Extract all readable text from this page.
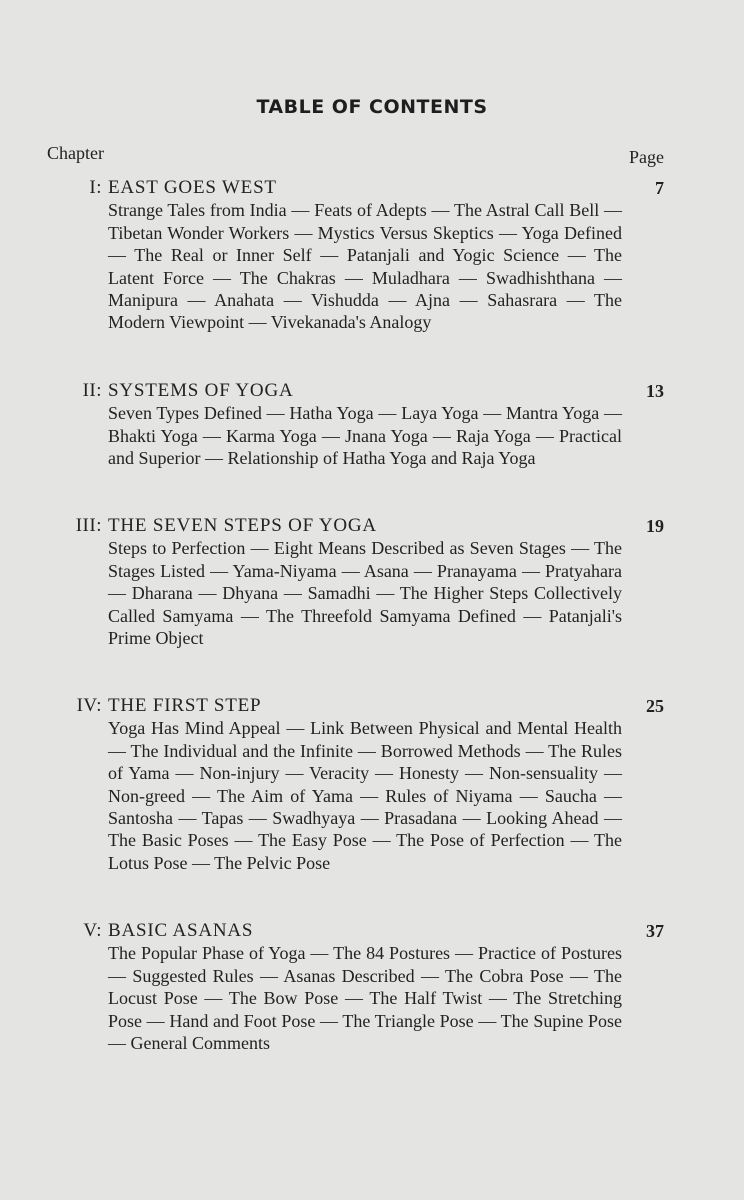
TABLE OF CONTENTS
Chapter	Page
I: EAST GOES WEST	7
Strange Tales from India — Feats of Adepts — The Astral Call Bell — Tibetan Wonder Workers — Mystics Versus Skeptics — Yoga Defined — The Real or Inner Self — Patanjali and Yogic Science — The Latent Force — The Chakras — Muladhara — Swadhishthana — Manipura — Anahata — Vishudda — Ajna — Sahasrara — The Modern Viewpoint — Vivekanada's Analogy
II: SYSTEMS OF YOGA	13
Seven Types Defined — Hatha Yoga — Laya Yoga — Mantra Yoga — Bhakti Yoga — Karma Yoga — Jnana Yoga — Raja Yoga — Practical and Superior — Relationship of Hatha Yoga and Raja Yoga
III: THE SEVEN STEPS OF YOGA	19
Steps to Perfection — Eight Means Described as Seven Stages — The Stages Listed — Yama-Niyama — Asana — Pranayama — Pratyahara — Dharana — Dhyana — Samadhi — The Higher Steps Collectively Called Samyama — The Threefold Samyama Defined — Patanjali's Prime Object
IV: THE FIRST STEP	25
Yoga Has Mind Appeal — Link Between Physical and Mental Health — The Individual and the Infinite — Borrowed Methods — The Rules of Yama — Non-injury — Veracity — Honesty — Non-sensuality — Non-greed — The Aim of Yama — Rules of Niyama — Saucha — Santosha — Tapas — Swadhyaya — Prasadana — Looking Ahead — The Basic Poses — The Easy Pose — The Pose of Perfection — The Lotus Pose — The Pelvic Pose
V: BASIC ASANAS	37
The Popular Phase of Yoga — The 84 Postures — Practice of Postures — Suggested Rules — Asanas Described — The Cobra Pose — The Locust Pose — The Bow Pose — The Half Twist — The Stretching Pose — Hand and Foot Pose — The Triangle Pose — The Supine Pose — General Comments
